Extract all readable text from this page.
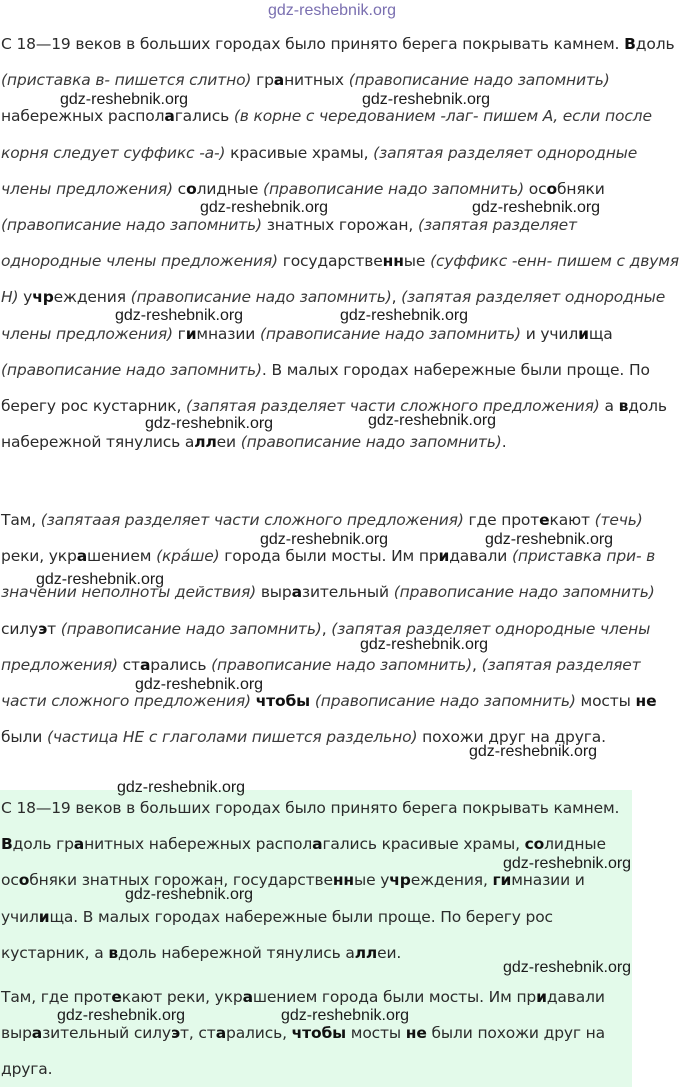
gdz-reshebnik.org
С 18—19 веков в больших городах было принято берега покрывать камнем. Вдоль (приставка в- пишется слитно) гранитных (правописание надо запомнить) набережных располагались (в корне с чередованием -лаг- пишем А, если после корня следует суффикс -а-) красивые храмы, (запятая разделяет однородные члены предложения) солидные (правописание надо запомнить) особняки (правописание надо запомнить) знатных горожан, (запятая разделяет однородные члены предложения) государственные (суффикс -енн- пишем с двумя Н) учреждения (правописание надо запомнить), (запятая разделяет однородные члены предложения) гимназии (правописание надо запомнить) и училища (правописание надо запомнить). В малых городах набережные были проще. По берегу рос кустарник, (запятая разделяет части сложного предложения) а вдоль набережной тянулись аллеи (правописание надо запомнить).
Там, (запятаая разделяет части сложного предложения) где протекают (течь) реки, украшением (кра́ше) города были мосты. Им придавали (приставка при- в значении неполноты действия) выразительный (правописание надо запомнить) силуэт (правописание надо запомнить), (запятая разделяет однородные члены предложения) старались (правописание надо запомнить), (запятая разделяет части сложного предложения) чтобы (правописание надо запомнить) мосты не были (частица НЕ с глаголами пишется раздельно) похожи друг на друга.
С 18—19 веков в больших городах было принято берега покрывать камнем. Вдоль гранитных набережных располагались красивые храмы, солидные особняки знатных горожан, государственные учреждения, гимназии и училища. В малых городах набережные были проще. По берегу рос кустарник, а вдоль набережной тянулись аллеи.
Там, где протекают реки, украшением города были мосты. Им придавали выразительный силуэт, старались, чтобы мосты не были похожи друг на друга.
gdz-reshebnik.org	gdz-reshebnik.org
gdz-reshebnik.org	gdz-reshebnik.org
gdz-reshebnik.org	gdz-reshebnik.org
gdz-reshebnik.org
gdz-reshebnik.org
gdz-reshebnik.org	gdz-reshebnik.org
gdz-reshebnik.org
gdz-reshebnik.org
gdz-reshebnik.org
gdz-reshebnik.org
gdz-reshebnik.org
gdz-reshebnik.org
gdz-reshebnik.org
gdz-reshebnik.org
gdz-reshebnik.org	gdz-reshebnik.org
